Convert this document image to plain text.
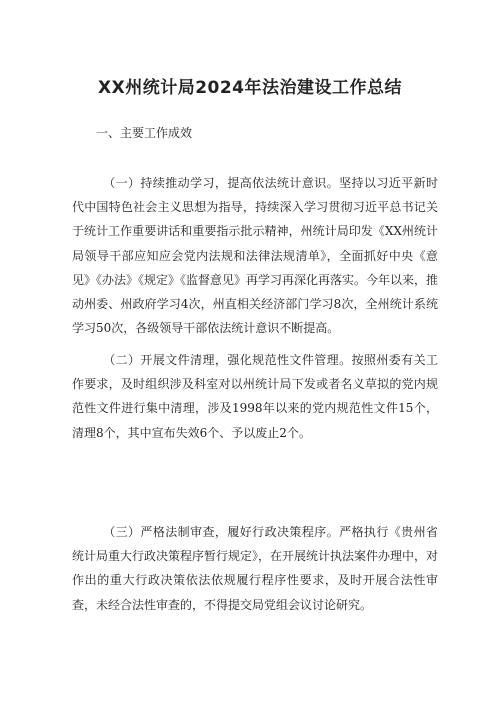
XX州统计局2024年法治建设工作总结
一、主要工作成效

（一）持续推动学习，提高依法统计意识。坚持以习近平新时代中国特色社会主义思想为指导，持续深入学习贯彻习近平总书记关于统计工作重要讲话和重要指示批示精神，州统计局印发《XX州统计局领导干部应知应会党内法规和法律法规清单》，全面抓好中央《意见》《办法》《规定》《监督意见》再学习再深化再落实。今年以来，推动州委、州政府学习4次，州直相关经济部门学习8次，全州统计系统学习50次，各级领导干部依法统计意识不断提高。

（二）开展文件清理，强化规范性文件管理。按照州委有关工作要求，及时组织涉及科室对以州统计局下发或者名义草拟的党内规范性文件进行集中清理，涉及1998年以来的党内规范性文件15个，清理8个，其中宣布失效6个、予以废止2个。

（三）严格法制审查，履好行政决策程序。严格执行《贵州省统计局重大行政决策程序暂行规定》，在开展统计执法案件办理中，对作出的重大行政决策依法依规履行程序性要求，及时开展合法性审查，未经合法性审查的，不得提交局党组会议讨论研究。
